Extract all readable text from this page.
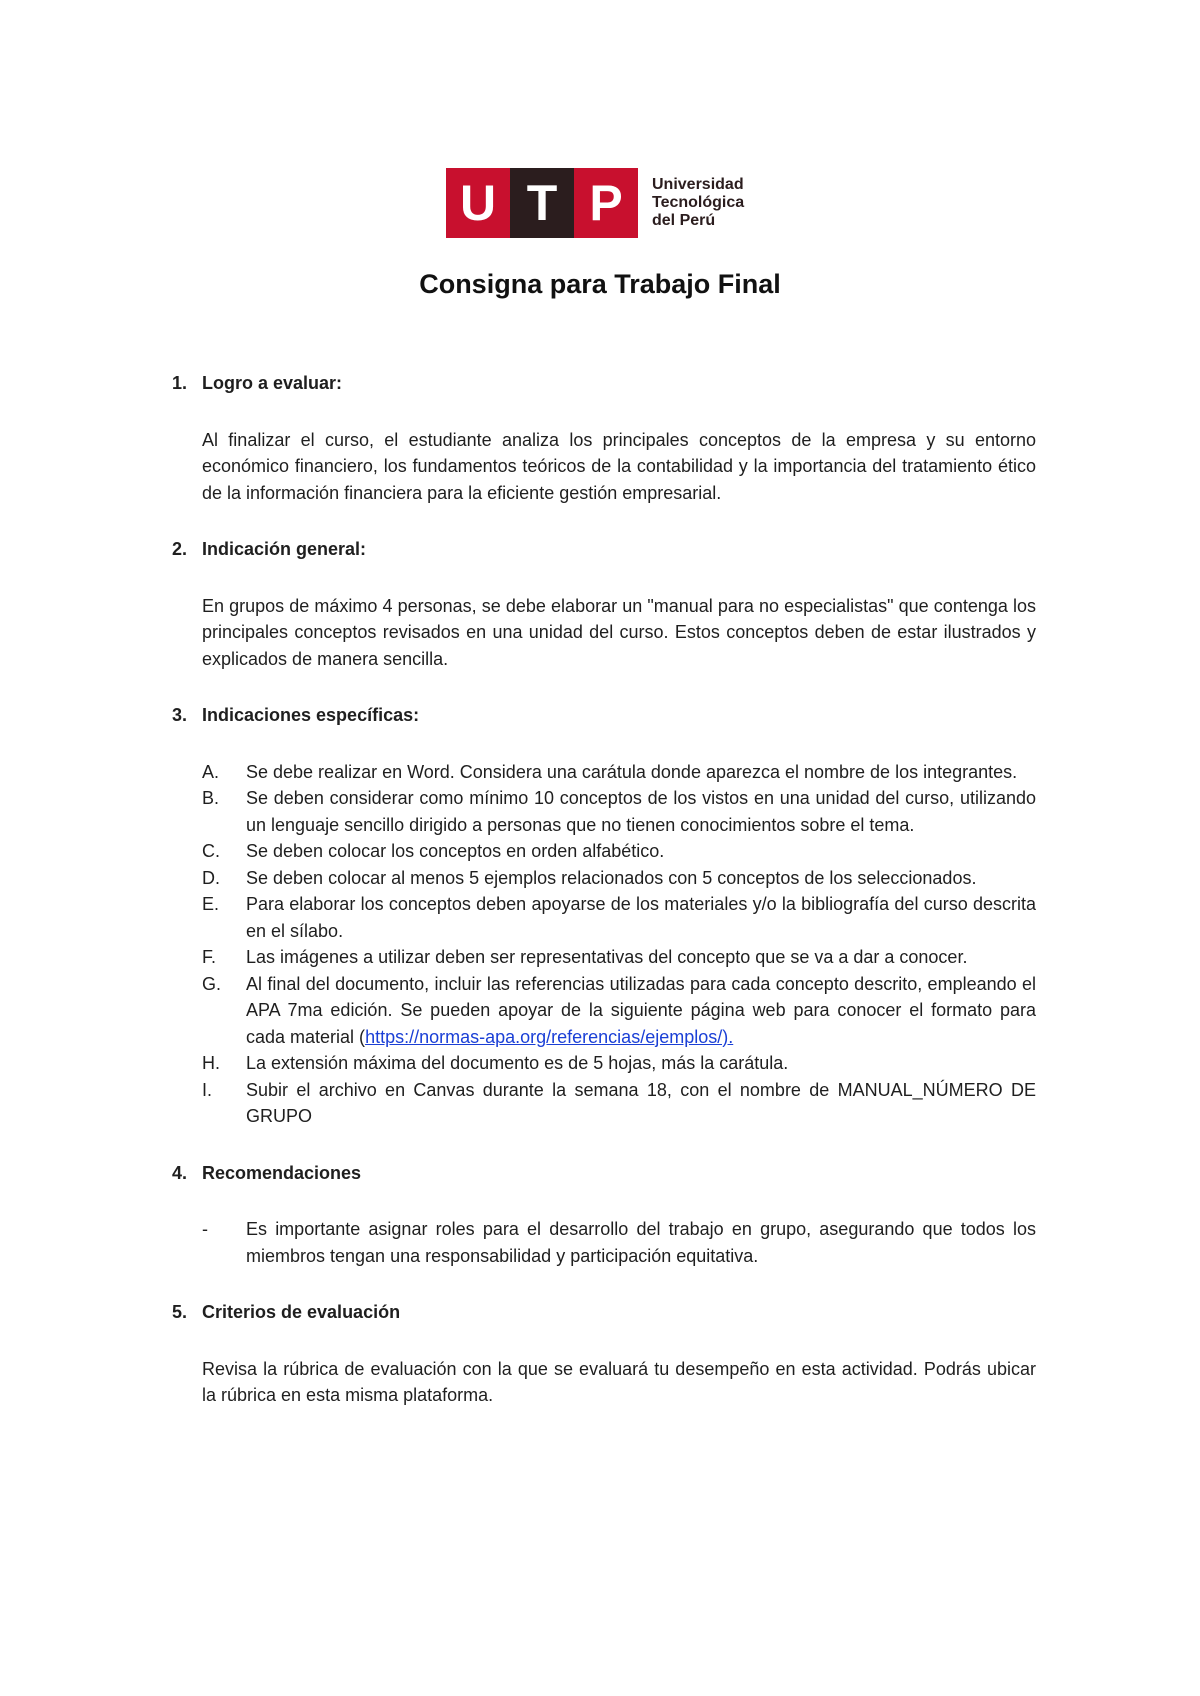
U T P	Universidad
Tecnológica
del Perú
Consigna para Trabajo Final

1. Logro a evaluar:

Al finalizar el curso, el estudiante analiza los principales conceptos de la empresa y su entorno económico financiero, los fundamentos teóricos de la contabilidad y la importancia del tratamiento ético de la información financiera para la eficiente gestión empresarial.

2. Indicación general:

En grupos de máximo 4 personas, se debe elaborar un "manual para no especialistas" que contenga los principales conceptos revisados en una unidad del curso. Estos conceptos deben de estar ilustrados y explicados de manera sencilla.

3. Indicaciones específicas:

A. Se debe realizar en Word. Considera una carátula donde aparezca el nombre de los integrantes.
B. Se deben considerar como mínimo 10 conceptos de los vistos en una unidad del curso, utilizando un lenguaje sencillo dirigido a personas que no tienen conocimientos sobre el tema.
C. Se deben colocar los conceptos en orden alfabético.
D. Se deben colocar al menos 5 ejemplos relacionados con 5 conceptos de los seleccionados.
E. Para elaborar los conceptos deben apoyarse de los materiales y/o la bibliografía del curso descrita en el sílabo.
F. Las imágenes a utilizar deben ser representativas del concepto que se va a dar a conocer.
G. Al final del documento, incluir las referencias utilizadas para cada concepto descrito, empleando el APA 7ma edición. Se pueden apoyar de la siguiente página web para conocer el formato para cada material (https://normas-apa.org/referencias/ejemplos/).
H. La extensión máxima del documento es de 5 hojas, más la carátula.
I. Subir el archivo en Canvas durante la semana 18, con el nombre de MANUAL_NÚMERO DE GRUPO

4. Recomendaciones

- Es importante asignar roles para el desarrollo del trabajo en grupo, asegurando que todos los miembros tengan una responsabilidad y participación equitativa.

5. Criterios de evaluación

Revisa la rúbrica de evaluación con la que se evaluará tu desempeño en esta actividad. Podrás ubicar la rúbrica en esta misma plataforma.
